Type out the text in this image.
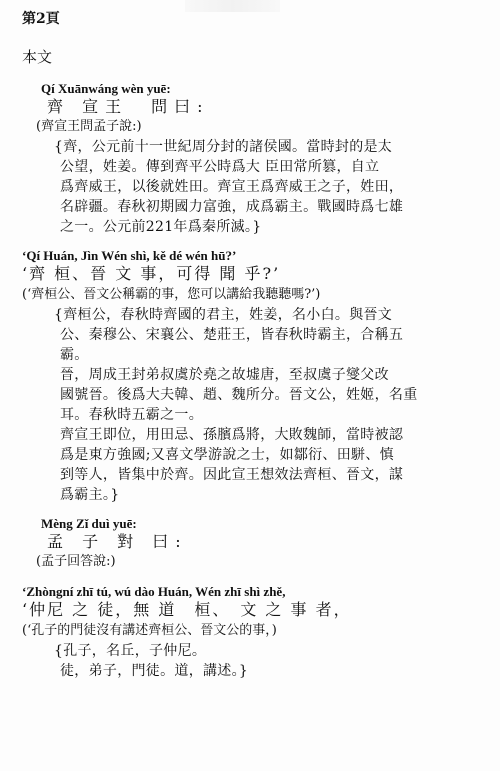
第2頁
本文
Qí Xuānwáng wèn yuē:
齊 宣王　問曰:
(齊宣王問孟子說:)
{齊，公元前十一世紀周分封的諸侯國。當時封的是太
公望，姓姜。傳到齊平公時爲大 臣田常所篡，自立
爲齊威王，以後就姓田。齊宣王爲齊威王之子，姓田，
名辟疆。春秋初期國力富強，成爲霸主。戰國時爲七雄
之一。公元前221年爲秦所滅。}
‘Qí Huán, Jìn Wén shì, kě dé wén hū?’
‘齊 桓、晉 文 事，可得 聞 乎?’
(‘齊桓公、晉文公稱霸的事，您可以講給我聽聽嗎?’)
{齊桓公，春秋時齊國的君主，姓姜，名小白。與晉文
公、秦穆公、宋襄公、楚莊王，皆春秋時霸主，合稱五
霸。
晉，周成王封弟叔虞於堯之故墟唐，至叔虞子燮父改
國號晉。後爲大夫韓、趙、魏所分。晉文公，姓姬，名重
耳。春秋時五霸之一。
齊宣王即位，用田忌、孫臏爲將，大敗魏師，當時被認
爲是東方強國;又喜文學游說之士，如鄒衍、田駢、慎
到等人，皆集中於齊。因此宣王想效法齊桓、晉文，謀
爲霸主。}
Mèng Zǐ duì yuē:
孟 子 對 曰:
(孟子回答說:)
‘Zhòngní zhī tú, wú dào Huán, Wén zhī shì zhě,
‘仲尼 之 徒，無 道　桓、　文 之 事 者，
(‘孔子的門徒沒有講述齊桓公、晉文公的事，)
{孔子，名丘，子仲尼。
徒，弟子，門徒。道，講述。}
